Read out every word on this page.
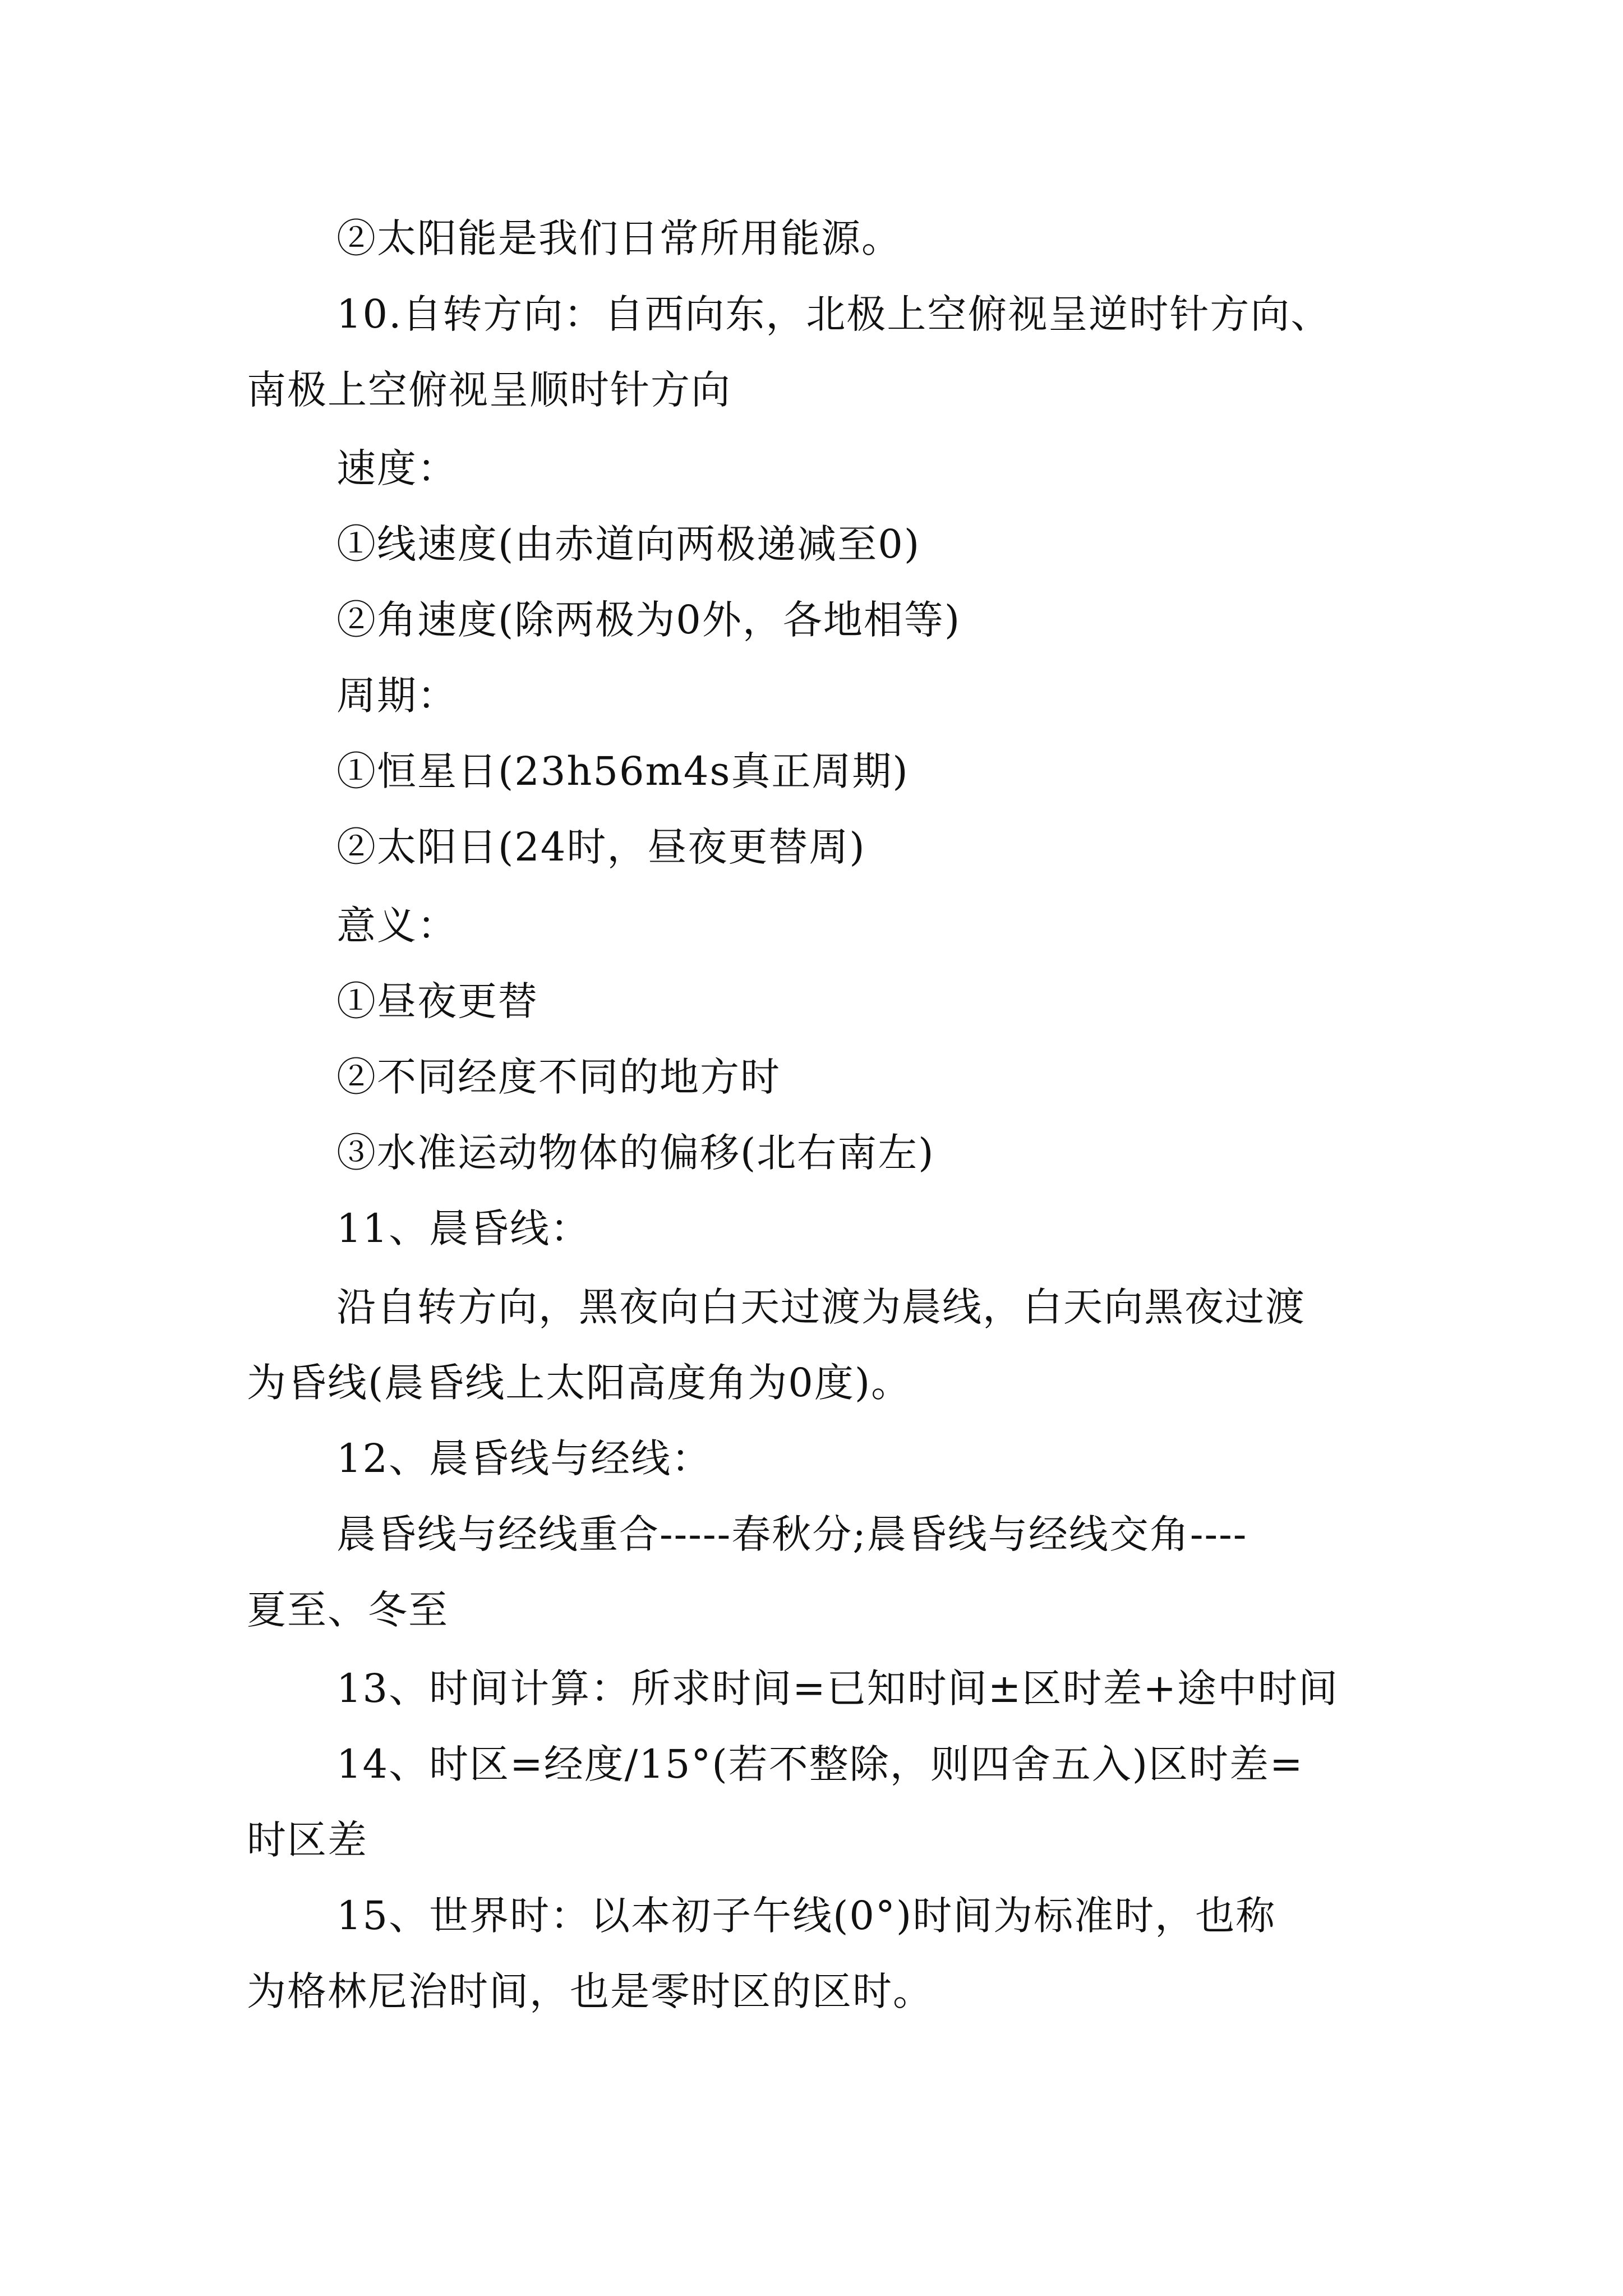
②太阳能是我们日常所用能源。
10.自转方向：自西向东，北极上空俯视呈逆时针方向、
南极上空俯视呈顺时针方向
速度：
①线速度(由赤道向两极递减至0)
②角速度(除两极为0外，各地相等)
周期：
①恒星日(23h56m4s真正周期)
②太阳日(24时，昼夜更替周)
意义：
①昼夜更替
②不同经度不同的地方时
③水准运动物体的偏移(北右南左)
11、晨昏线：
沿自转方向，黑夜向白天过渡为晨线，白天向黑夜过渡
为昏线(晨昏线上太阳高度角为0度)。
12、晨昏线与经线：
晨昏线与经线重合-----春秋分;晨昏线与经线交角----
夏至、冬至
13、时间计算：所求时间=已知时间±区时差+途中时间
14、时区=经度/15°(若不整除，则四舍五入)区时差=
时区差
15、世界时：以本初子午线(0°)时间为标准时，也称
为格林尼治时间，也是零时区的区时。
